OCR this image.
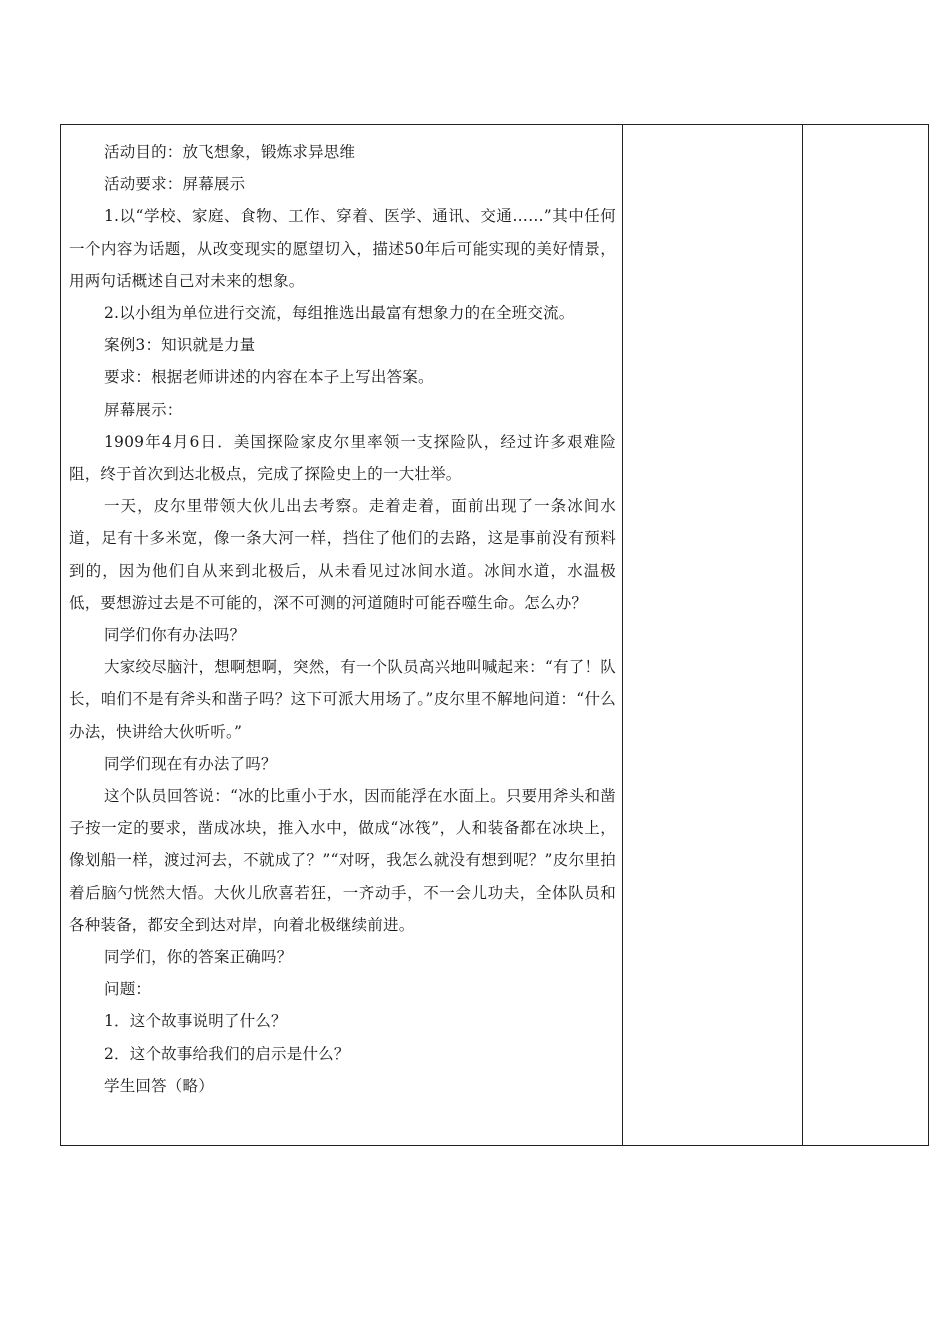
活动目的：放飞想象，锻炼求异思维

活动要求：屏幕展示

1.以“学校、家庭、食物、工作、穿着、医学、通讯、交通……”其中任何一个内容为话题，从改变现实的愿望切入，描述50年后可能实现的美好情景，用两句话概述自己对未来的想象。

2.以小组为单位进行交流，每组推选出最富有想象力的在全班交流。

案例3：知识就是力量

要求：根据老师讲述的内容在本子上写出答案。

屏幕展示：

1909年4月6日．美国探险家皮尔里率领一支探险队，经过许多艰难险阻，终于首次到达北极点，完成了探险史上的一大壮举。

一天，皮尔里带领大伙儿出去考察。走着走着，面前出现了一条冰间水道，足有十多米宽，像一条大河一样，挡住了他们的去路，这是事前没有预料到的，因为他们自从来到北极后，从未看见过冰间水道。冰间水道，水温极低，要想游过去是不可能的，深不可测的河道随时可能吞噬生命。怎么办？

同学们你有办法吗？

大家绞尽脑汁，想啊想啊，突然，有一个队员高兴地叫喊起来：“有了！队长，咱们不是有斧头和凿子吗？这下可派大用场了。”皮尔里不解地问道：“什么办法，快讲给大伙听听。”

同学们现在有办法了吗？

这个队员回答说：“冰的比重小于水，因而能浮在水面上。只要用斧头和凿子按一定的要求，凿成冰块，推入水中，做成“冰筏”，人和装备都在冰块上，像划船一样，渡过河去，不就成了？”“对呀，我怎么就没有想到呢？”皮尔里拍着后脑勺恍然大悟。大伙儿欣喜若狂，一齐动手，不一会儿功夫，全体队员和各种装备，都安全到达对岸，向着北极继续前进。

同学们，你的答案正确吗？

问题：

1．这个故事说明了什么？

2．这个故事给我们的启示是什么？

学生回答（略）
